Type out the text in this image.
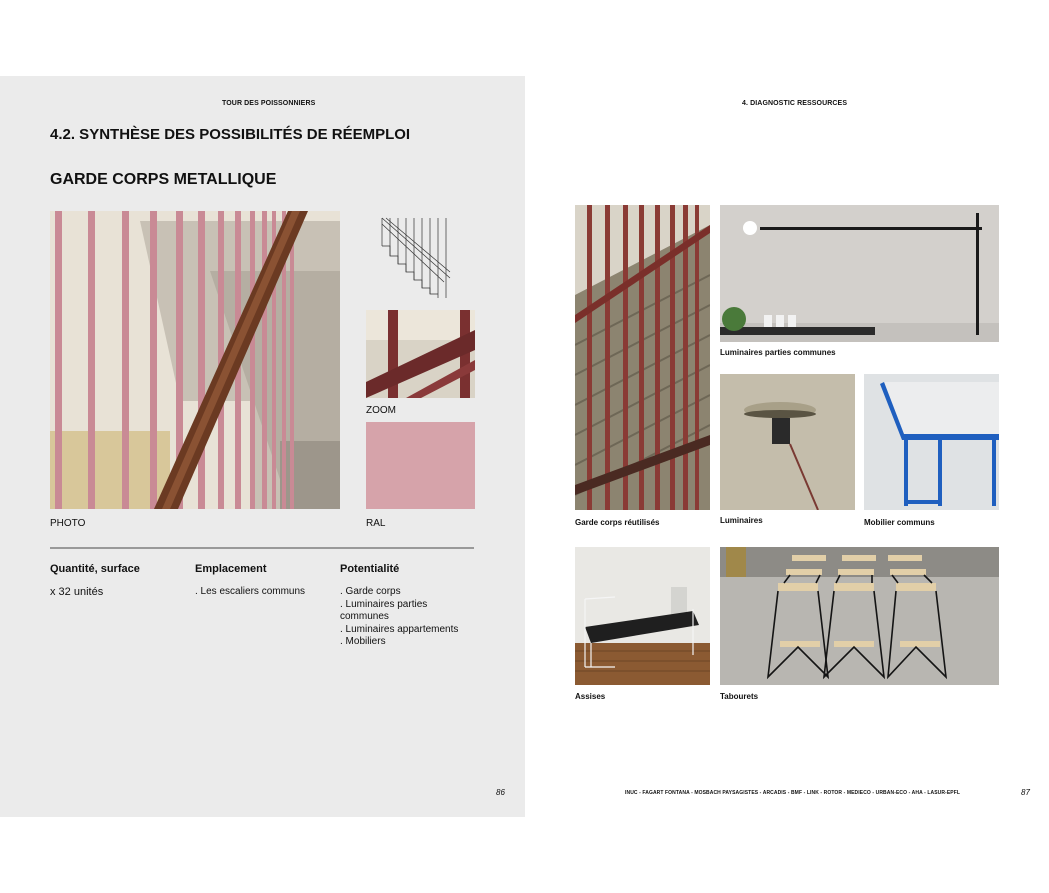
TOUR DES POISSONNIERS
4.2. SYNTHÈSE DES POSSIBILITÉS DE RÉEMPLOI
GARDE CORPS METALLIQUE
PHOTO
ZOOM
RAL
Quantité, surface	Emplacement	Potentialité
x 32 unités	. Les escaliers communs	. Garde corps
. Luminaires parties
communes
. Luminaires appartements
. Mobiliers
86
4. DIAGNOSTIC RESSOURCES
Garde corps réutilisés
Luminaires parties communes
Luminaires	Mobilier communs
Assises	Tabourets
INUC - FAGART FONTANA - MOSBACH PAYSAGISTES - ARCADIS - BMF - LINK - ROTOR - MEDIECO - URBAN-ECO - AHA - LASUR-EPFL	87
